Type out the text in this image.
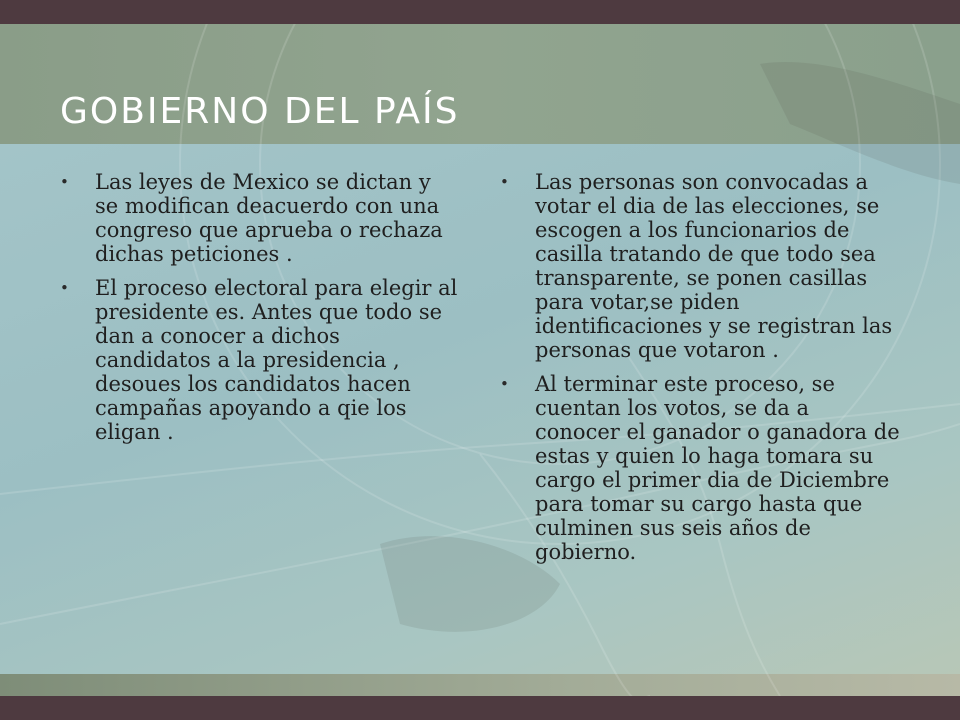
GOBIERNO DEL PAÍS
• Las leyes de Mexico se dictan y se modifican deacuerdo con una congreso que aprueba o rechaza dichas peticiones .
• El proceso electoral para elegir al presidente es. Antes que todo se dan a conocer a dichos candidatos a la presidencia , desoues los candidatos hacen campañas apoyando a qie los eligan .
• Las personas son convocadas a votar el dia de las elecciones, se escogen a los funcionarios de casilla tratando de que todo sea transparente, se ponen casillas para votar,se piden identificaciones y se registran las personas que votaron .
• Al terminar este proceso, se cuentan los votos, se da a conocer el ganador o ganadora de estas y quien lo haga tomara su cargo el primer dia de Diciembre para tomar su cargo hasta que culminen sus seis años de gobierno.
